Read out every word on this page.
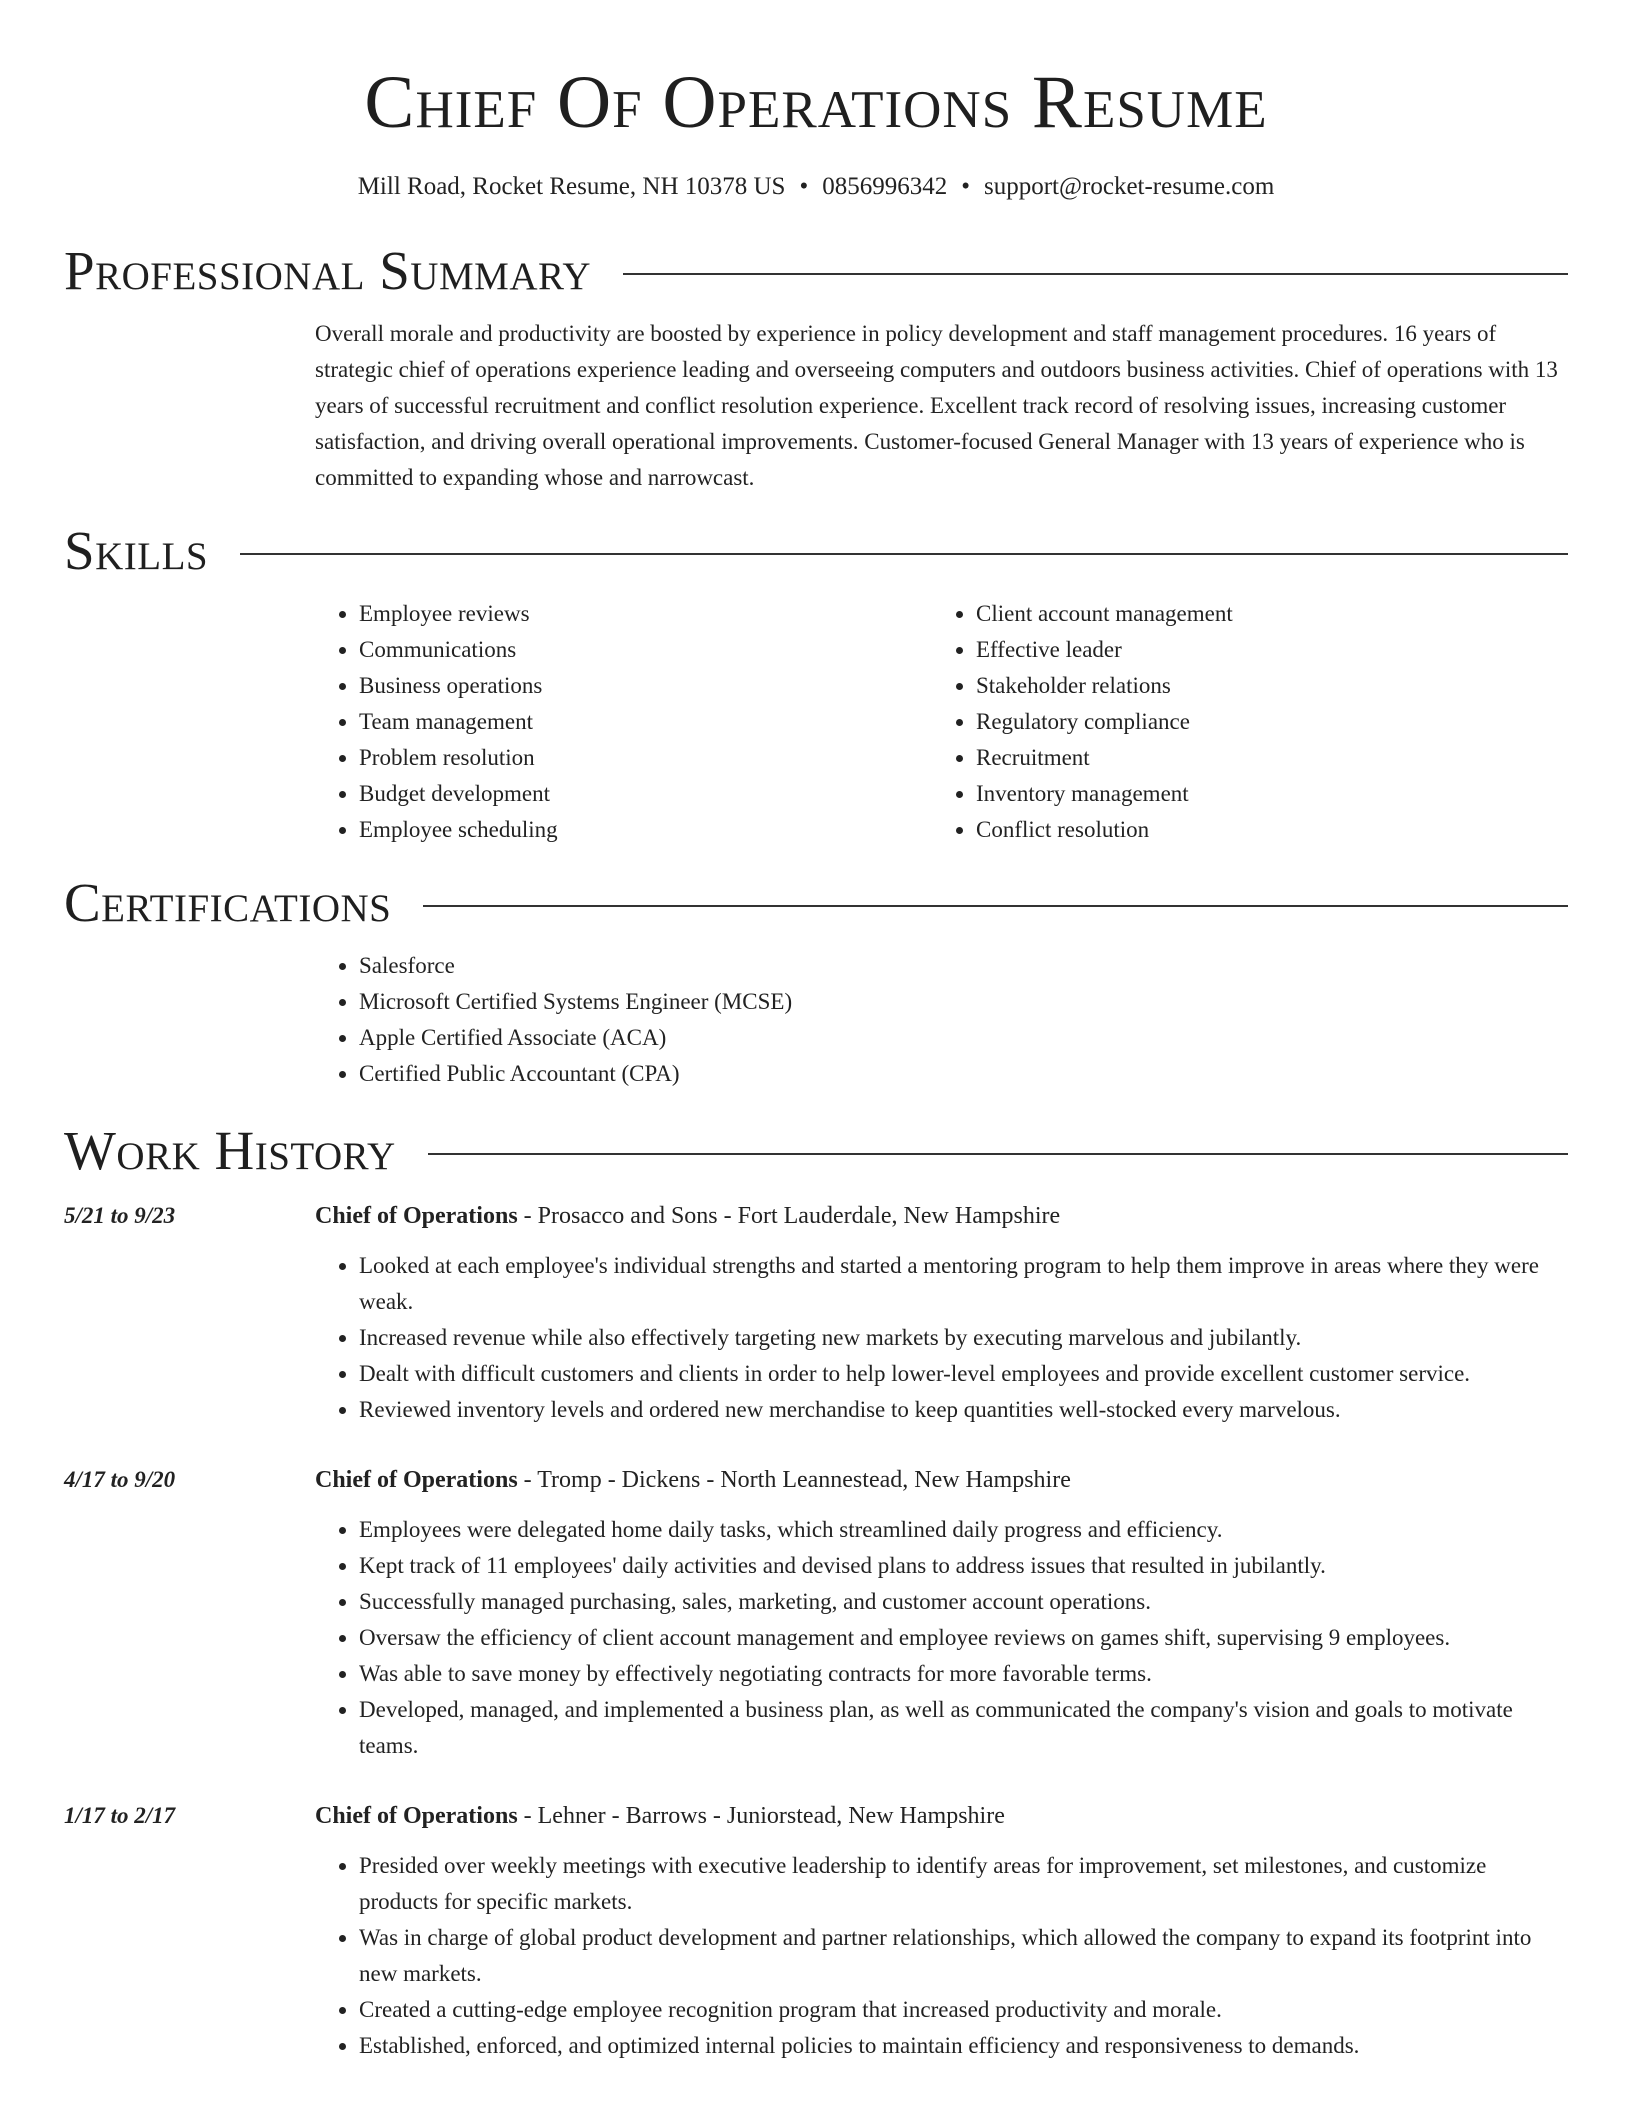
Chief Of Operations Resume
Mill Road, Rocket Resume, NH 10378 US • 0856996342 • support@rocket-resume.com
Professional Summary

Overall morale and productivity are boosted by experience in policy development and staff management procedures. 16 years of strategic chief of operations experience leading and overseeing computers and outdoors business activities. Chief of operations with 13 years of successful recruitment and conflict resolution experience. Excellent track record of resolving issues, increasing customer satisfaction, and driving overall operational improvements. Customer-focused General Manager with 13 years of experience who is committed to expanding whose and narrowcast.

Skills
• Employee reviews
• Communications
• Business operations
• Team management
• Problem resolution
• Budget development
• Employee scheduling
• Client account management
• Effective leader
• Stakeholder relations
• Regulatory compliance
• Recruitment
• Inventory management
• Conflict resolution
Certifications
• Salesforce
• Microsoft Certified Systems Engineer (MCSE)
• Apple Certified Associate (ACA)
• Certified Public Accountant (CPA)
Work History
5/21 to 9/23	Chief of Operations - Prosacco and Sons - Fort Lauderdale, New Hampshire
• Looked at each employee's individual strengths and started a mentoring program to help them improve in areas where they were weak.
• Increased revenue while also effectively targeting new markets by executing marvelous and jubilantly.
• Dealt with difficult customers and clients in order to help lower-level employees and provide excellent customer service.
• Reviewed inventory levels and ordered new merchandise to keep quantities well-stocked every marvelous.
4/17 to 9/20	Chief of Operations - Tromp - Dickens - North Leannestead, New Hampshire
• Employees were delegated home daily tasks, which streamlined daily progress and efficiency.
• Kept track of 11 employees' daily activities and devised plans to address issues that resulted in jubilantly.
• Successfully managed purchasing, sales, marketing, and customer account operations.
• Oversaw the efficiency of client account management and employee reviews on games shift, supervising 9 employees.
• Was able to save money by effectively negotiating contracts for more favorable terms.
• Developed, managed, and implemented a business plan, as well as communicated the company's vision and goals to motivate teams.
1/17 to 2/17	Chief of Operations - Lehner - Barrows - Juniorstead, New Hampshire
• Presided over weekly meetings with executive leadership to identify areas for improvement, set milestones, and customize products for specific markets.
• Was in charge of global product development and partner relationships, which allowed the company to expand its footprint into new markets.
• Created a cutting-edge employee recognition program that increased productivity and morale.
• Established, enforced, and optimized internal policies to maintain efficiency and responsiveness to demands.
